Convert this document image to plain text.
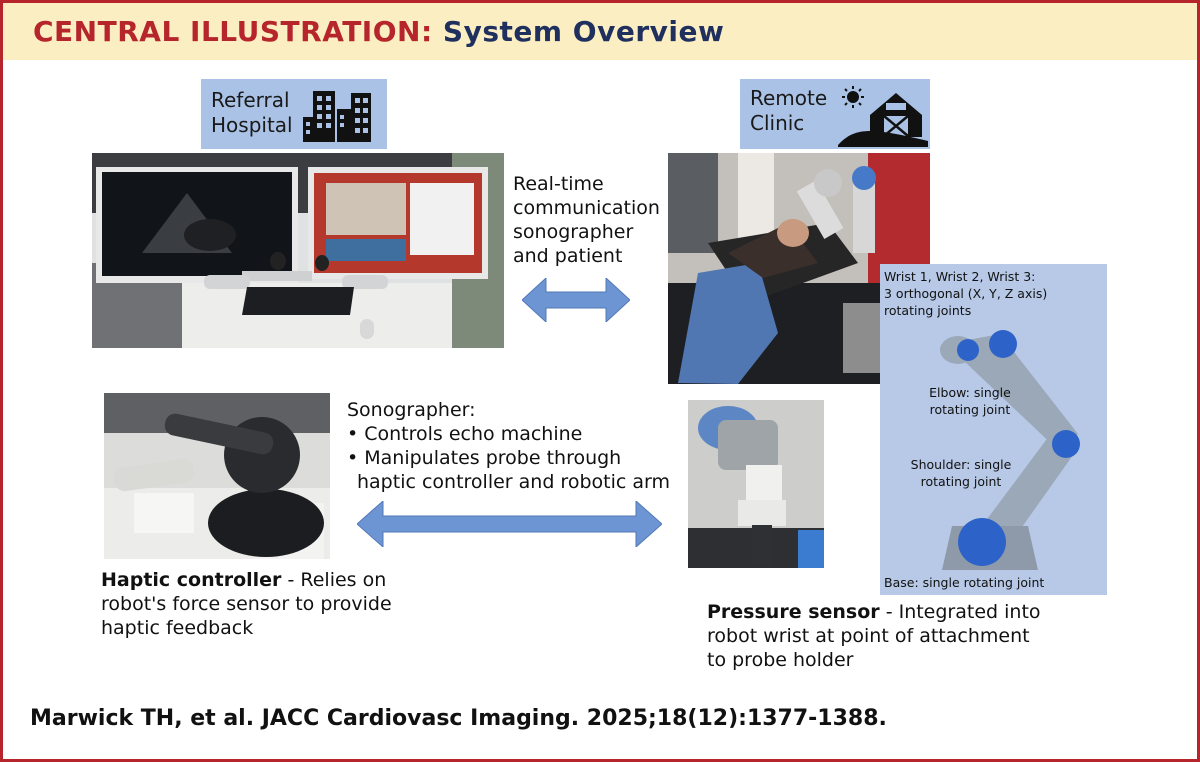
CENTRAL ILLUSTRATION: System Overview
Referral
Hospital
Remote
Clinic
Real-time
communication
sonographer
and patient
Wrist 1, Wrist 2, Wrist 3:
3 orthogonal (X, Y, Z axis)
rotating joints
Elbow: single
rotating joint
Shoulder: single
rotating joint
Base: single rotating joint
Sonographer:
• Controls echo machine
• Manipulates probe through
haptic controller and robotic arm
Haptic controller - Relies on
robot's force sensor to provide
haptic feedback
Pressure sensor - Integrated into
robot wrist at point of attachment
to probe holder
Marwick TH, et al. JACC Cardiovasc Imaging. 2025;18(12):1377-1388.
